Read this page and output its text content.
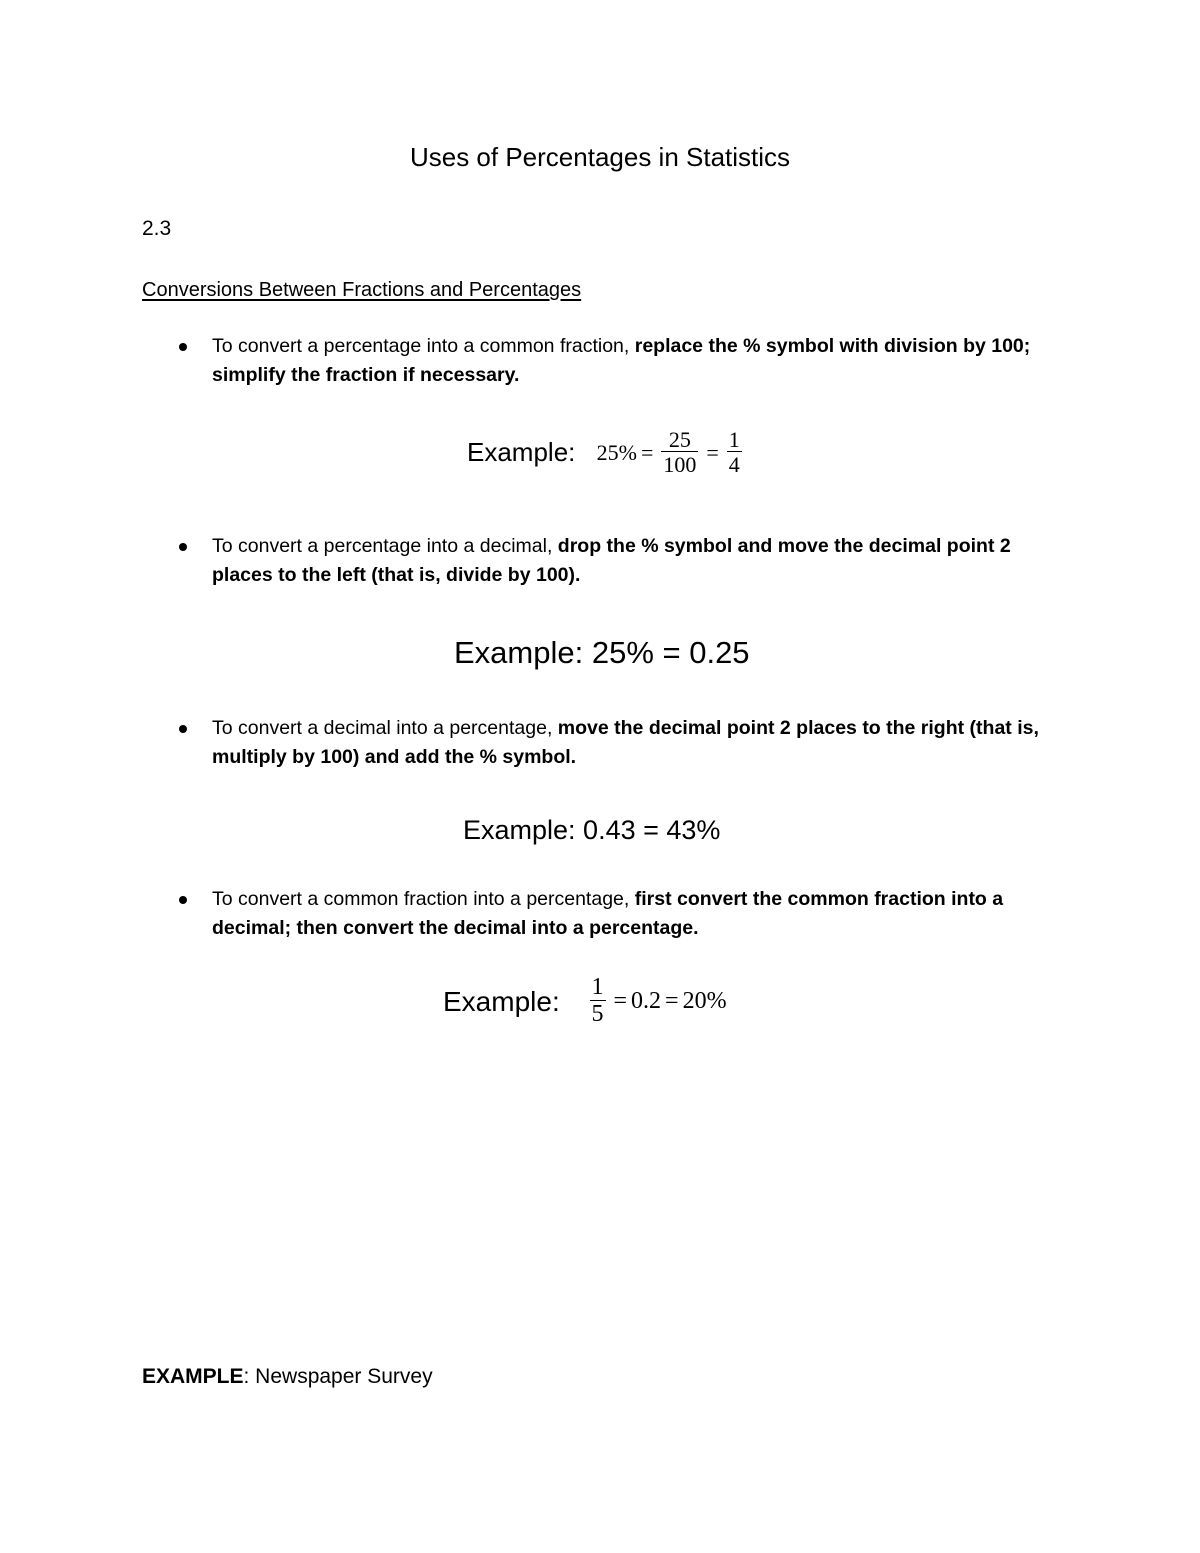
Uses of Percentages in Statistics
2.3
Conversions Between Fractions and Percentages
To convert a percentage into a common fraction, replace the % symbol with division by 100; simplify the fraction if necessary.
Example: $25\% = \frac{25}{100} = \frac{1}{4}$
To convert a percentage into a decimal, drop the % symbol and move the decimal point 2 places to the left (that is, divide by 100).
Example: 25% = 0.25
To convert a decimal into a percentage, move the decimal point 2 places to the right (that is, multiply by 100) and add the % symbol.
Example: 0.43 = 43%
To convert a common fraction into a percentage, first convert the common fraction into a decimal; then convert the decimal into a percentage.
Example: $\frac{1}{5} = 0.2 = 20\%$
EXAMPLE: Newspaper Survey
